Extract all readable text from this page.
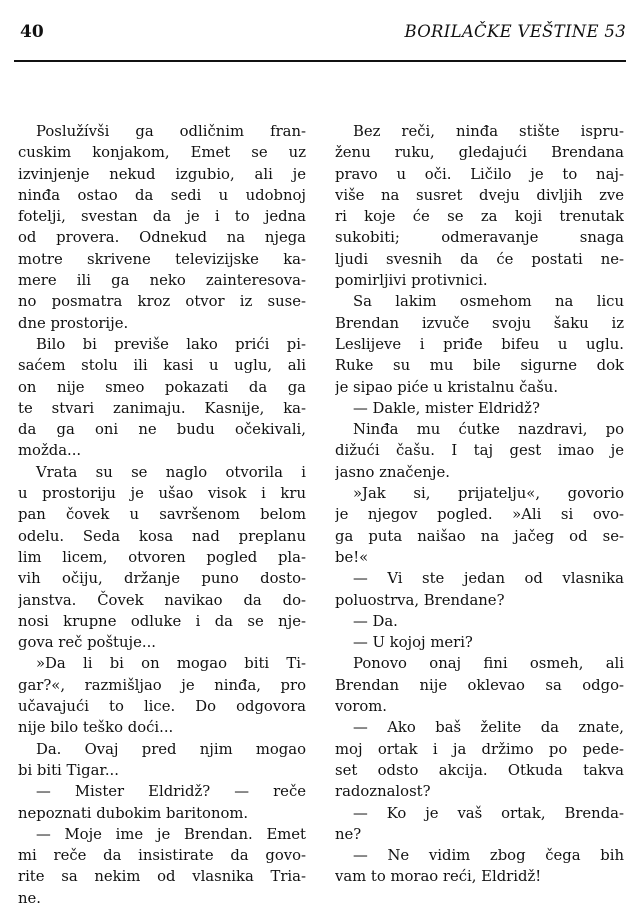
40	BORILAČKE VEŠTINE 53
Poslužívši ga odličnim fran-
cuskim konjakom, Emet se uz
izvinjenje nekud izgubio, ali je
ninđa ostao da sedi u udobnoj
fotelji, svestan da je i to jedna
od provera. Odnekud na njega
motre skrivene televizijske ka-
mere ili ga neko zainteresova-
no posmatra kroz otvor iz suse-
dne prostorije.
Bilo bi previše lako prići pi-
saćem stolu ili kasi u uglu, ali
on nije smeo pokazati da ga
te stvari zanimaju. Kasnije, ka-
da ga oni ne budu očekivali,
možda...
Vrata su se naglo otvorila i
u prostoriju je ušao visok i kru
pan čovek u savršenom belom
odelu. Seda kosa nad preplanu
lim licem, otvoren pogled pla-
vih očiju, držanje puno dosto-
janstva. Čovek navikao da do-
nosi krupne odluke i da se nje-
gova reč poštuje...
»Da li bi on mogao biti Ti-
gar?«, razmišljao je ninđa, pro
učavajući to lice. Do odgovora
nije bilo teško doći...
Da. Ovaj pred njim mogao
bi biti Tigar...
— Mister Eldridž? — reče
nepoznati dubokim baritonom.
— Moje ime je Brendan. Emet
mi reče da insistirate da govo-
rite sa nekim od vlasnika Tria-
ne.
Bez reči, ninđa stište ispru-
ženu ruku, gledajući Brendana
pravo u oči. Ličilo je to naj-
više na susret dveju divljih zve
ri koje će se za koji trenutak
sukobiti; odmeravanje snaga
ljudi svesnih da će postati ne-
pomirljivi protivnici.
Sa lakim osmehom na licu
Brendan izvuče svoju šaku iz
Leslijeve i priđe bifeu u uglu.
Ruke su mu bile sigurne dok
je sipao piće u kristalnu čašu.
— Dakle, mister Eldridž?
Ninđa mu ćutke nazdravi, po
dižući čašu. I taj gest imao je
jasno značenje.
»Jak si, prijatelju«, govorio
je njegov pogled. »Ali si ovo-
ga puta naišao na jačeg od se-
be!«
— Vi ste jedan od vlasnika
poluostrva, Brendane?
— Da.
— U kojoj meri?
Ponovo onaj fini osmeh, ali
Brendan nije oklevao sa odgo-
vorom.
— Ako baš želite da znate,
moj ortak i ja držimo po pede-
set odsto akcija. Otkuda takva
radoznalost?
— Ko je vaš ortak, Brenda-
ne?
— Ne vidim zbog čega bih
vam to morao reći, Eldridž!
